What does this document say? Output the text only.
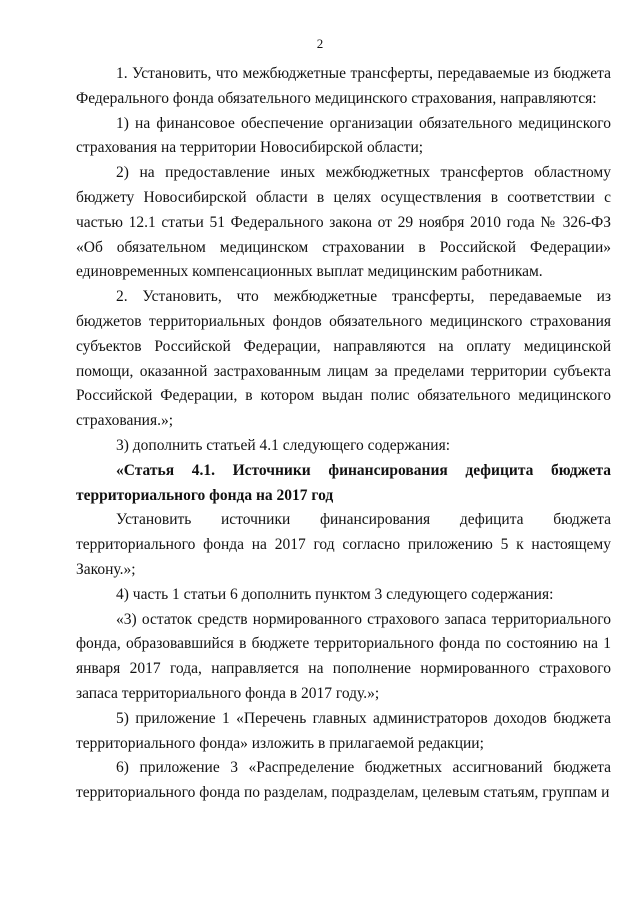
2

1. Установить, что межбюджетные трансферты, передаваемые из бюджета Федерального фонда обязательного медицинского страхования, направляются:

1) на финансовое обеспечение организации обязательного медицинского страхования на территории Новосибирской области;

2) на предоставление иных межбюджетных трансфертов областному бюджету Новосибирской области в целях осуществления в соответствии с частью 12.1 статьи 51 Федерального закона от 29 ноября 2010 года № 326-ФЗ «Об обязательном медицинском страховании в Российской Федерации» единовременных компенсационных выплат медицинским работникам.

2. Установить, что межбюджетные трансферты, передаваемые из бюджетов территориальных фондов обязательного медицинского страхования субъектов Российской Федерации, направляются на оплату медицинской помощи, оказанной застрахованным лицам за пределами территории субъекта Российской Федерации, в котором выдан полис обязательного медицинского страхования.»;

3) дополнить статьей 4.1 следующего содержания:

«Статья 4.1. Источники финансирования дефицита бюджета территориального фонда на 2017 год

Установить источники финансирования дефицита бюджета территориального фонда на 2017 год согласно приложению 5 к настоящему Закону.»;

4) часть 1 статьи 6 дополнить пунктом 3 следующего содержания:

«3) остаток средств нормированного страхового запаса территориального фонда, образовавшийся в бюджете территориального фонда по состоянию на 1 января 2017 года, направляется на пополнение нормированного страхового запаса территориального фонда в 2017 году.»;

5) приложение 1 «Перечень главных администраторов доходов бюджета территориального фонда» изложить в прилагаемой редакции;

6) приложение 3 «Распределение бюджетных ассигнований бюджета территориального фонда по разделам, подразделам, целевым статьям, группам и
